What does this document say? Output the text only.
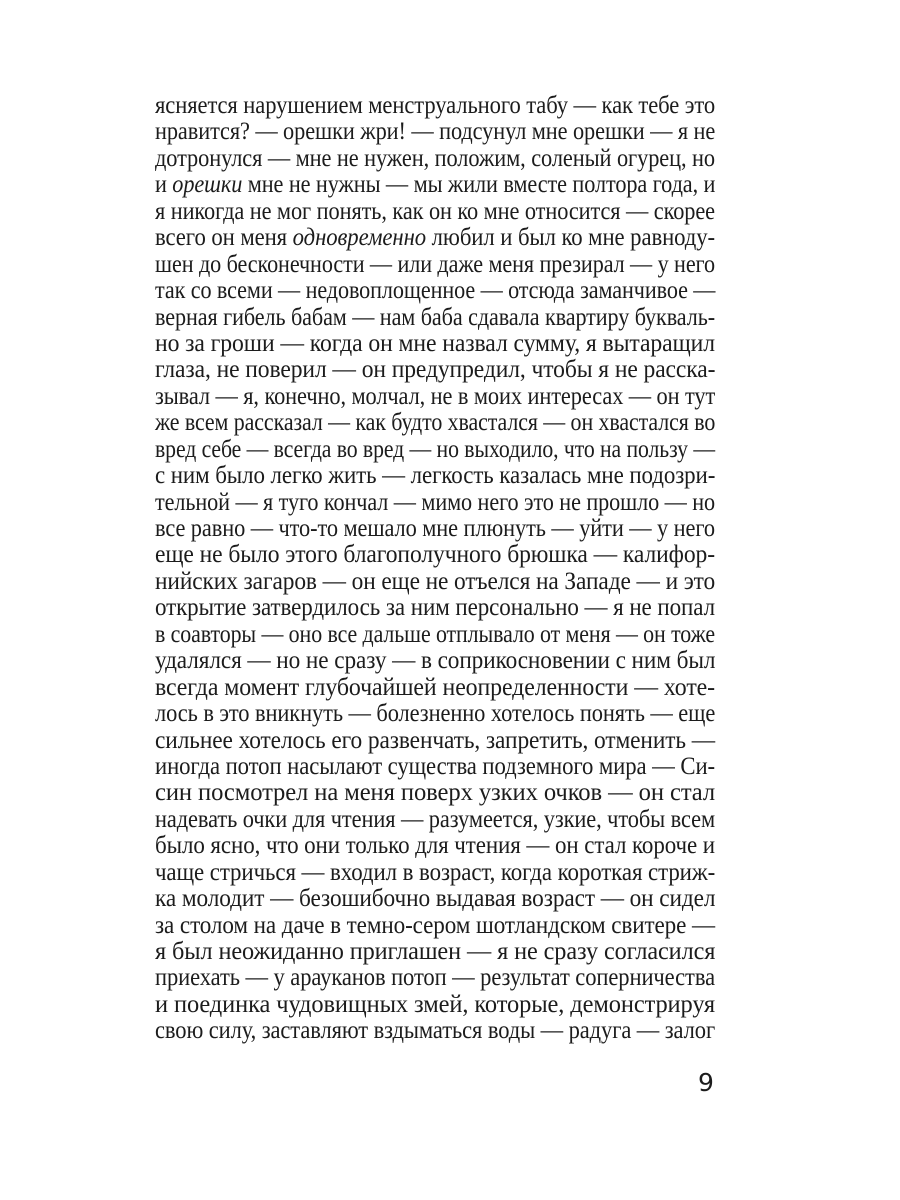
ясняется нарушением менструального табу — как тебе это
нравится? — орешки жри! — подсунул мне орешки — я не
дотронулся — мне не нужен, положим, соленый огурец, но
и орешки мне не нужны — мы жили вместе полтора года, и
я никогда не мог понять, как он ко мне относится — скорее
всего он меня одновременно любил и был ко мне равноду-
шен до бесконечности — или даже меня презирал — у него
так со всеми — недовоплощенное — отсюда заманчивое —
верная гибель бабам — нам баба сдавала квартиру букваль-
но за гроши — когда он мне назвал сумму, я вытаращил
глаза, не поверил — он предупредил, чтобы я не расска-
зывал — я, конечно, молчал, не в моих интересах — он тут
же всем рассказал — как будто хвастался — он хвастался во
вред себе — всегда во вред — но выходило, что на пользу —
с ним было легко жить — легкость казалась мне подозри-
тельной — я туго кончал — мимо него это не прошло — но
все равно — что-то мешало мне плюнуть — уйти — у него
еще не было этого благополучного брюшка — калифор-
нийских загаров — он еще не отъелся на Западе — и это
открытие затвердилось за ним персонально — я не попал
в соавторы — оно все дальше отплывало от меня — он тоже
удалялся — но не сразу — в соприкосновении с ним был
всегда момент глубочайшей неопределенности — хоте-
лось в это вникнуть — болезненно хотелось понять — еще
сильнее хотелось его развенчать, запретить, отменить —
иногда потоп насылают существа подземного мира — Си-
син посмотрел на меня поверх узких очков — он стал
надевать очки для чтения — разумеется, узкие, чтобы всем
было ясно, что они только для чтения — он стал короче и
чаще стричься — входил в возраст, когда короткая стриж-
ка молодит — безошибочно выдавая возраст — он сидел
за столом на даче в темно-сером шотландском свитере —
я был неожиданно приглашен — я не сразу согласился
приехать — у арауканов потоп — результат соперничества
и поединка чудовищных змей, которые, демонстрируя
свою силу, заставляют вздыматься воды — радуга — залог
9
